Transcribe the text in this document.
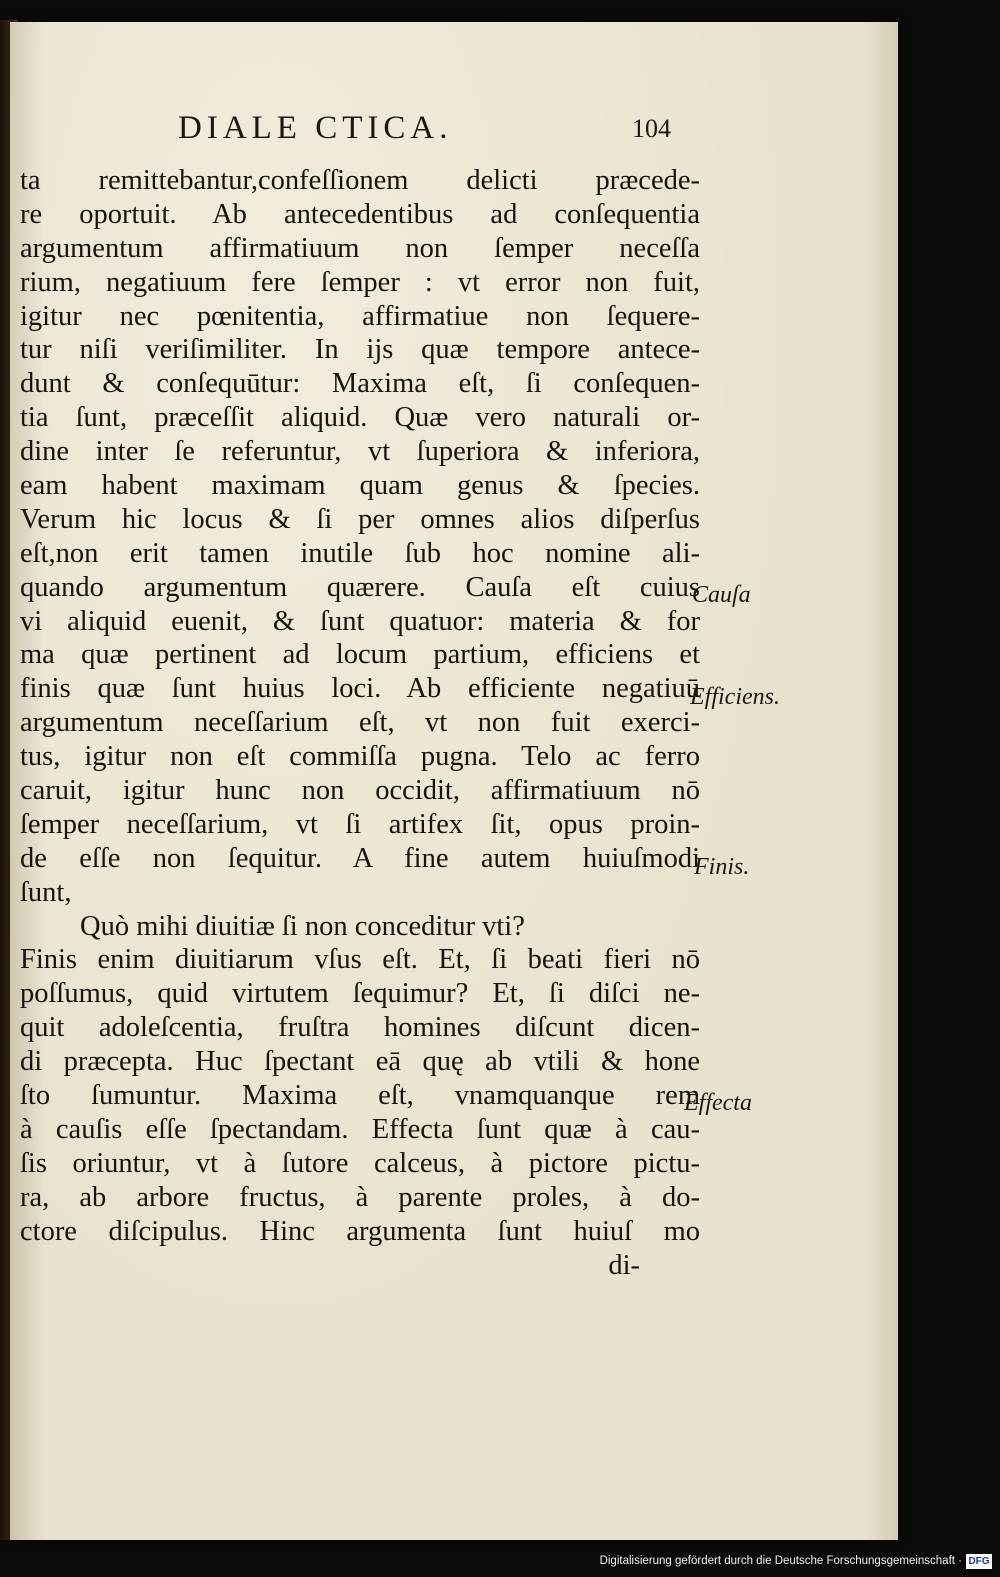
DIALE CTICA.	104
ta remittebantur,confeſſionem delicti præcede-
re oportuit. Ab antecedentibus ad conſequentia
argumentum affirmatiuum non ſemper neceſſa
rium, negatiuum fere ſemper : vt error non fuit,
igitur nec pœnitentia, affirmatiue non ſequere-
tur niſi veriſimiliter. In ijs quæ tempore antece-
dunt & conſequūtur: Maxima eſt, ſi conſequen-
tia ſunt, præceſſit aliquid. Quæ vero naturali or-
dine inter ſe referuntur, vt ſuperiora & inferiora,
eam habent maximam quam genus & ſpecies.
Verum hic locus & ſi per omnes alios diſperſus
eſt,non erit tamen inutile ſub hoc nomine ali-
quando argumentum quærere. Cauſa eſt cuius
vi aliquid euenit, & ſunt quatuor: materia & for
ma quæ pertinent ad locum partium, efficiens et
finis quæ ſunt huius loci. Ab efficiente negatiuū
argumentum neceſſarium eſt, vt non fuit exerci-
tus, igitur non eſt commiſſa pugna. Telo ac ferro
caruit, igitur hunc non occidit, affirmatiuum nō
ſemper neceſſarium, vt ſi artifex ſit, opus proin-
de eſſe non ſequitur. A fine autem huiuſmodi
ſunt,
Quò mihi diuitiæ ſi non conceditur vti?
Finis enim diuitiarum vſus eſt. Et, ſi beati fieri nō
poſſumus, quid virtutem ſequimur? Et, ſi diſci ne-
quit adoleſcentia, fruſtra homines diſcunt dicen-
di præcepta. Huc ſpectant eā quę ab vtili & hone
ſto ſumuntur. Maxima eſt, vnamquanque rem
à cauſis eſſe ſpectandam. Effecta ſunt quæ à cau-
ſis oriuntur, vt à ſutore calceus, à pictore pictu-
ra, ab arbore fructus, à parente proles, à do-
ctore diſcipulus. Hinc argumenta ſunt huiuſ mo
di-
Cauſa
Efficiens.
Finis.
Effecta
Digitalisierung gefördert durch die Deutsche Forschungsgemeinschaft · DFG
